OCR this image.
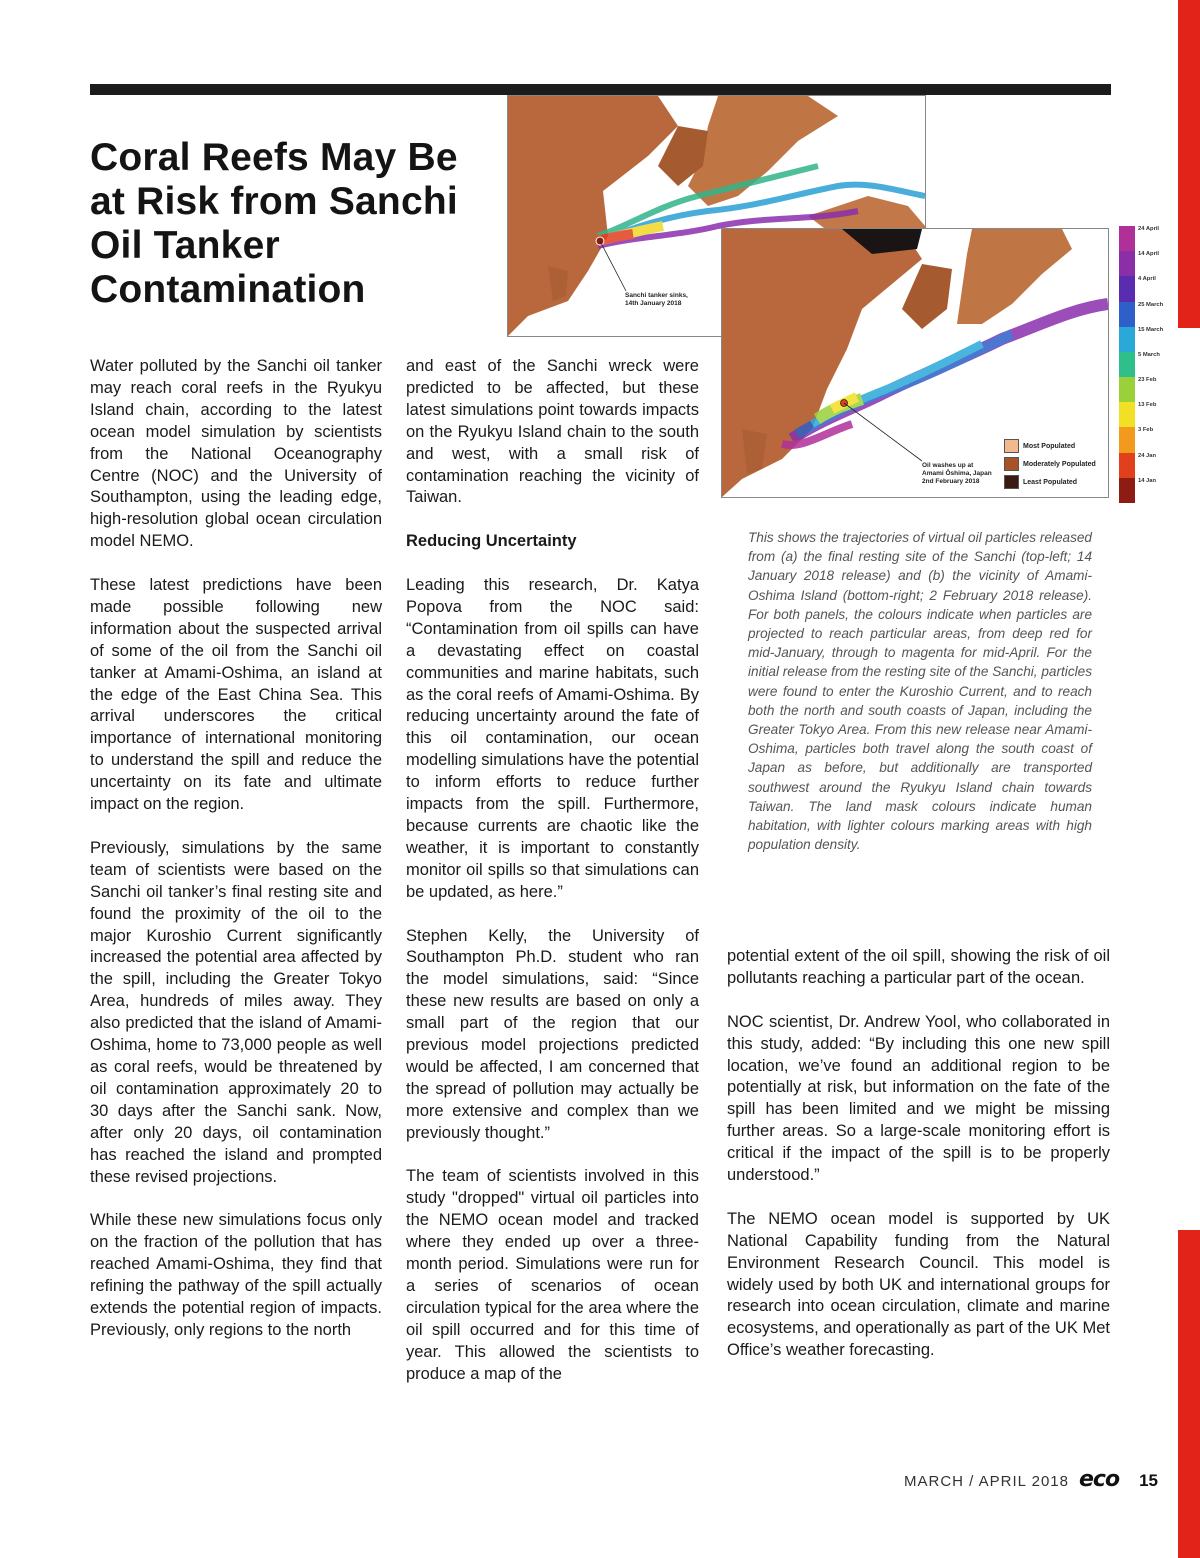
Coral Reefs May Be at Risk from Sanchi Oil Tanker Contamination	Sanchi tanker sinks,
14th January 2018
Oil washes up at
Amami Ōshima, Japan
2nd February 2018
Most Populated
Moderately Populated
Least Populated
24 April
14 April
4 April
25 March
15 March
5 March
23 Feb
13 Feb
3 Feb
24 Jan
14 Jan

Water polluted by the Sanchi oil tanker may reach coral reefs in the Ryukyu Island chain, according to the latest ocean model simulation by scientists from the National Oceanography Centre (NOC) and the University of Southampton, using the leading edge, high-resolution global ocean circulation model NEMO.

These latest predictions have been made possible following new information about the suspected arrival of some of the oil from the Sanchi oil tanker at Amami-Oshima, an island at the edge of the East China Sea. This arrival underscores the critical importance of international monitoring to understand the spill and reduce the uncertainty on its fate and ultimate impact on the region.

Previously, simulations by the same team of scientists were based on the Sanchi oil tanker’s final resting site and found the proximity of the oil to the major Kuroshio Current significantly increased the potential area affected by the spill, including the Greater Tokyo Area, hundreds of miles away. They also predicted that the island of Amami-Oshima, home to 73,000 people as well as coral reefs, would be threatened by oil contamination approximately 20 to 30 days after the Sanchi sank. Now, after only 20 days, oil contamination has reached the island and prompted these revised projections.

While these new simulations focus only on the fraction of the pollution that has reached Amami-Oshima, they find that refining the pathway of the spill actually extends the potential region of impacts. Previously, only regions to the north

and east of the Sanchi wreck were predicted to be affected, but these latest simulations point towards impacts on the Ryukyu Island chain to the south and west, with a small risk of contamination reaching the vicinity of Taiwan.

Reducing Uncertainty

Leading this research, Dr. Katya Popova from the NOC said: “Contamination from oil spills can have a devastating effect on coastal communities and marine habitats, such as the coral reefs of Amami-Oshima. By reducing uncertainty around the fate of this oil contamination, our ocean modelling simulations have the potential to inform efforts to reduce further impacts from the spill. Furthermore, because currents are chaotic like the weather, it is important to constantly monitor oil spills so that simulations can be updated, as here.”

Stephen Kelly, the University of Southampton Ph.D. student who ran the model simulations, said: “Since these new results are based on only a small part of the region that our previous model projections predicted would be affected, I am concerned that the spread of pollution may actually be more extensive and complex than we previously thought.”

The team of scientists involved in this study "dropped" virtual oil particles into the NEMO ocean model and tracked where they ended up over a three-month period. Simulations were run for a series of scenarios of ocean circulation typical for the area where the oil spill occurred and for this time of year. This allowed the scientists to produce a map of the

This shows the trajectories of virtual oil particles released from (a) the final resting site of the Sanchi (top-left; 14 January 2018 release) and (b) the vicinity of Amami-Oshima Island (bottom-right; 2 February 2018 release). For both panels, the colours indicate when particles are projected to reach particular areas, from deep red for mid-January, through to magenta for mid-April. For the initial release from the resting site of the Sanchi, particles were found to enter the Kuroshio Current, and to reach both the north and south coasts of Japan, including the Greater Tokyo Area. From this new release near Amami-Oshima, particles both travel along the south coast of Japan as before, but additionally are transported southwest around the Ryukyu Island chain towards Taiwan. The land mask colours indicate human habitation, with lighter colours marking areas with high population density.

potential extent of the oil spill, showing the risk of oil pollutants reaching a particular part of the ocean.

NOC scientist, Dr. Andrew Yool, who collaborated in this study, added: “By including this one new spill location, we’ve found an additional region to be potentially at risk, but information on the fate of the spill has been limited and we might be missing further areas. So a large-scale monitoring effort is critical if the impact of the spill is to be properly understood.”

The NEMO ocean model is supported by UK National Capability funding from the Natural Environment Research Council. This model is widely used by both UK and international groups for research into ocean circulation, climate and marine ecosystems, and operationally as part of the UK Met Office’s weather forecasting.

MARCH / APRIL 2018 eco 15
